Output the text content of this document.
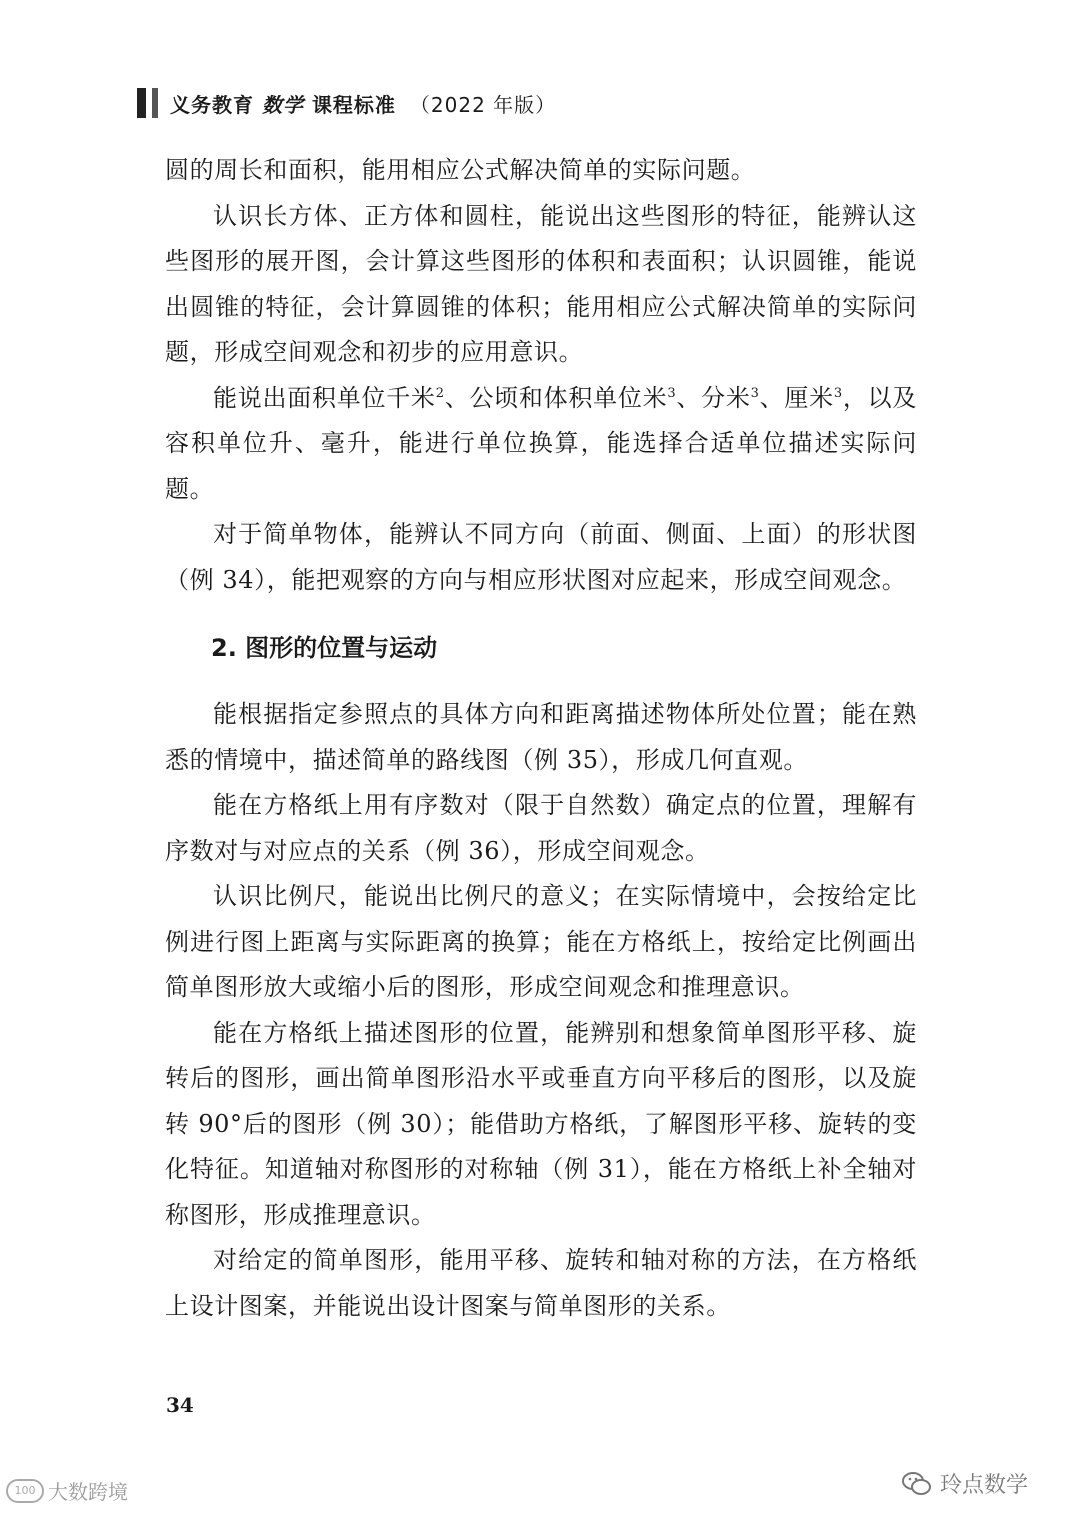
义务教育 数学 课程标准 （2022 年版）

圆的周长和面积，能用相应公式解决简单的实际问题。

认识长方体、正方体和圆柱，能说出这些图形的特征，能辨认这些图形的展开图，会计算这些图形的体积和表面积；认识圆锥，能说出圆锥的特征，会计算圆锥的体积；能用相应公式解决简单的实际问题，形成空间观念和初步的应用意识。

能说出面积单位千米$^2$、公顷和体积单位米$^3$、分米$^3$、厘米$^3$，以及容积单位升、毫升，能进行单位换算，能选择合适单位描述实际问题。

对于简单物体，能辨认不同方向（前面、侧面、上面）的形状图（例 34），能把观察的方向与相应形状图对应起来，形成空间观念。

2. 图形的位置与运动

能根据指定参照点的具体方向和距离描述物体所处位置；能在熟悉的情境中，描述简单的路线图（例 35），形成几何直观。

能在方格纸上用有序数对（限于自然数）确定点的位置，理解有序数对与对应点的关系（例 36），形成空间观念。

认识比例尺，能说出比例尺的意义；在实际情境中，会按给定比例进行图上距离与实际距离的换算；能在方格纸上，按给定比例画出简单图形放大或缩小后的图形，形成空间观念和推理意识。

能在方格纸上描述图形的位置，能辨别和想象简单图形平移、旋转后的图形，画出简单图形沿水平或垂直方向平移后的图形，以及旋转 90°后的图形（例 30）；能借助方格纸，了解图形平移、旋转的变化特征。知道轴对称图形的对称轴（例 31），能在方格纸上补全轴对称图形，形成推理意识。

对给定的简单图形，能用平移、旋转和轴对称的方法，在方格纸上设计图案，并能说出设计图案与简单图形的关系。

34
100 大数跨境	玲点数学
